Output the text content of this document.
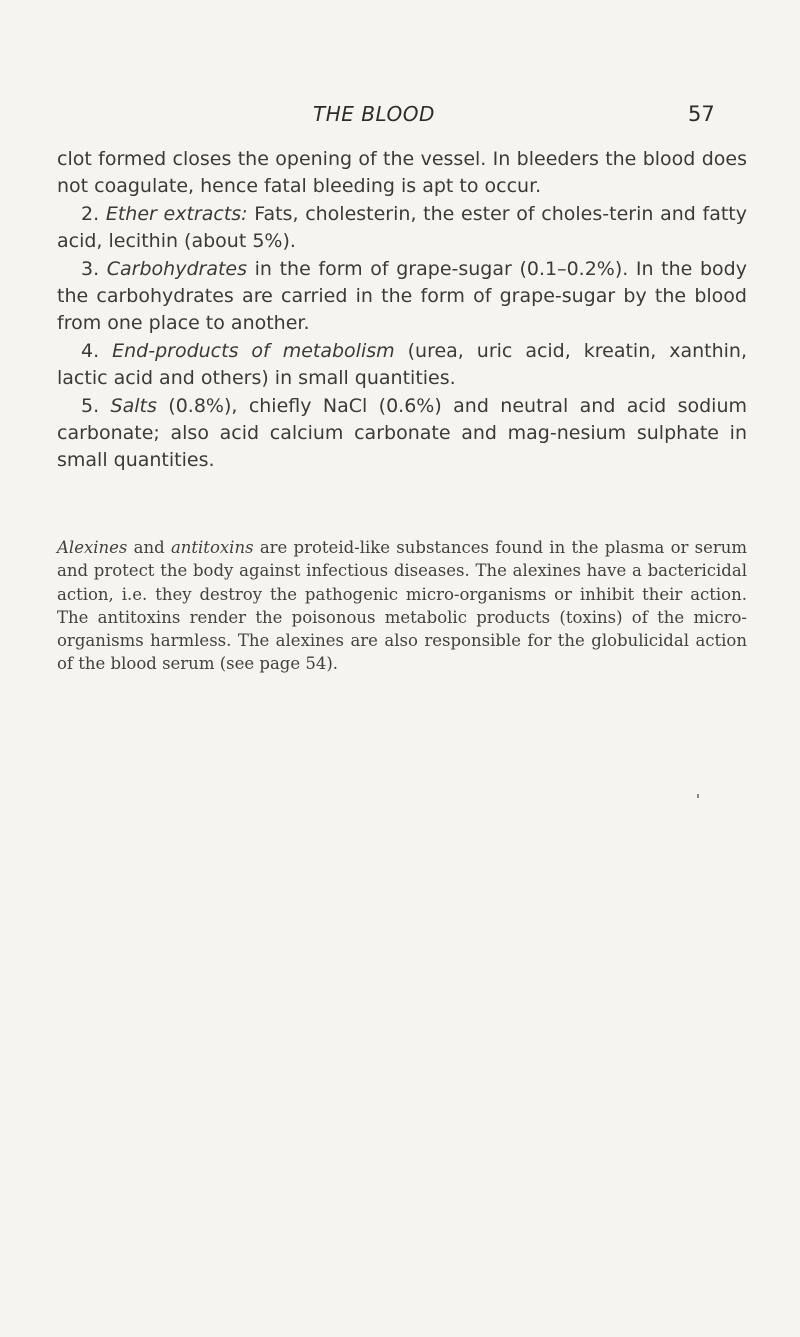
THE BLOOD	57

clot formed closes the opening of the vessel. In bleeders the blood does not coagulate, hence fatal bleeding is apt to occur.

2. Ether extracts: Fats, cholesterin, the ester of choles-terin and fatty acid, lecithin (about 5%).

3. Carbohydrates in the form of grape-sugar (0.1–0.2%). In the body the carbohydrates are carried in the form of grape-sugar by the blood from one place to another.

4. End-products of metabolism (urea, uric acid, kreatin, xanthin, lactic acid and others) in small quantities.

5. Salts (0.8%), chiefly NaCl (0.6%) and neutral and acid sodium carbonate; also acid calcium carbonate and mag-nesium sulphate in small quantities.

Alexines and antitoxins are proteid-like substances found in the plasma or serum and protect the body against infectious diseases. The alexines have a bactericidal action, i.e. they destroy the pathogenic micro-organisms or inhibit their action. The antitoxins render the poisonous metabolic products (toxins) of the micro-organisms harmless. The alexines are also responsible for the globulicidal action of the blood serum (see page 54).
